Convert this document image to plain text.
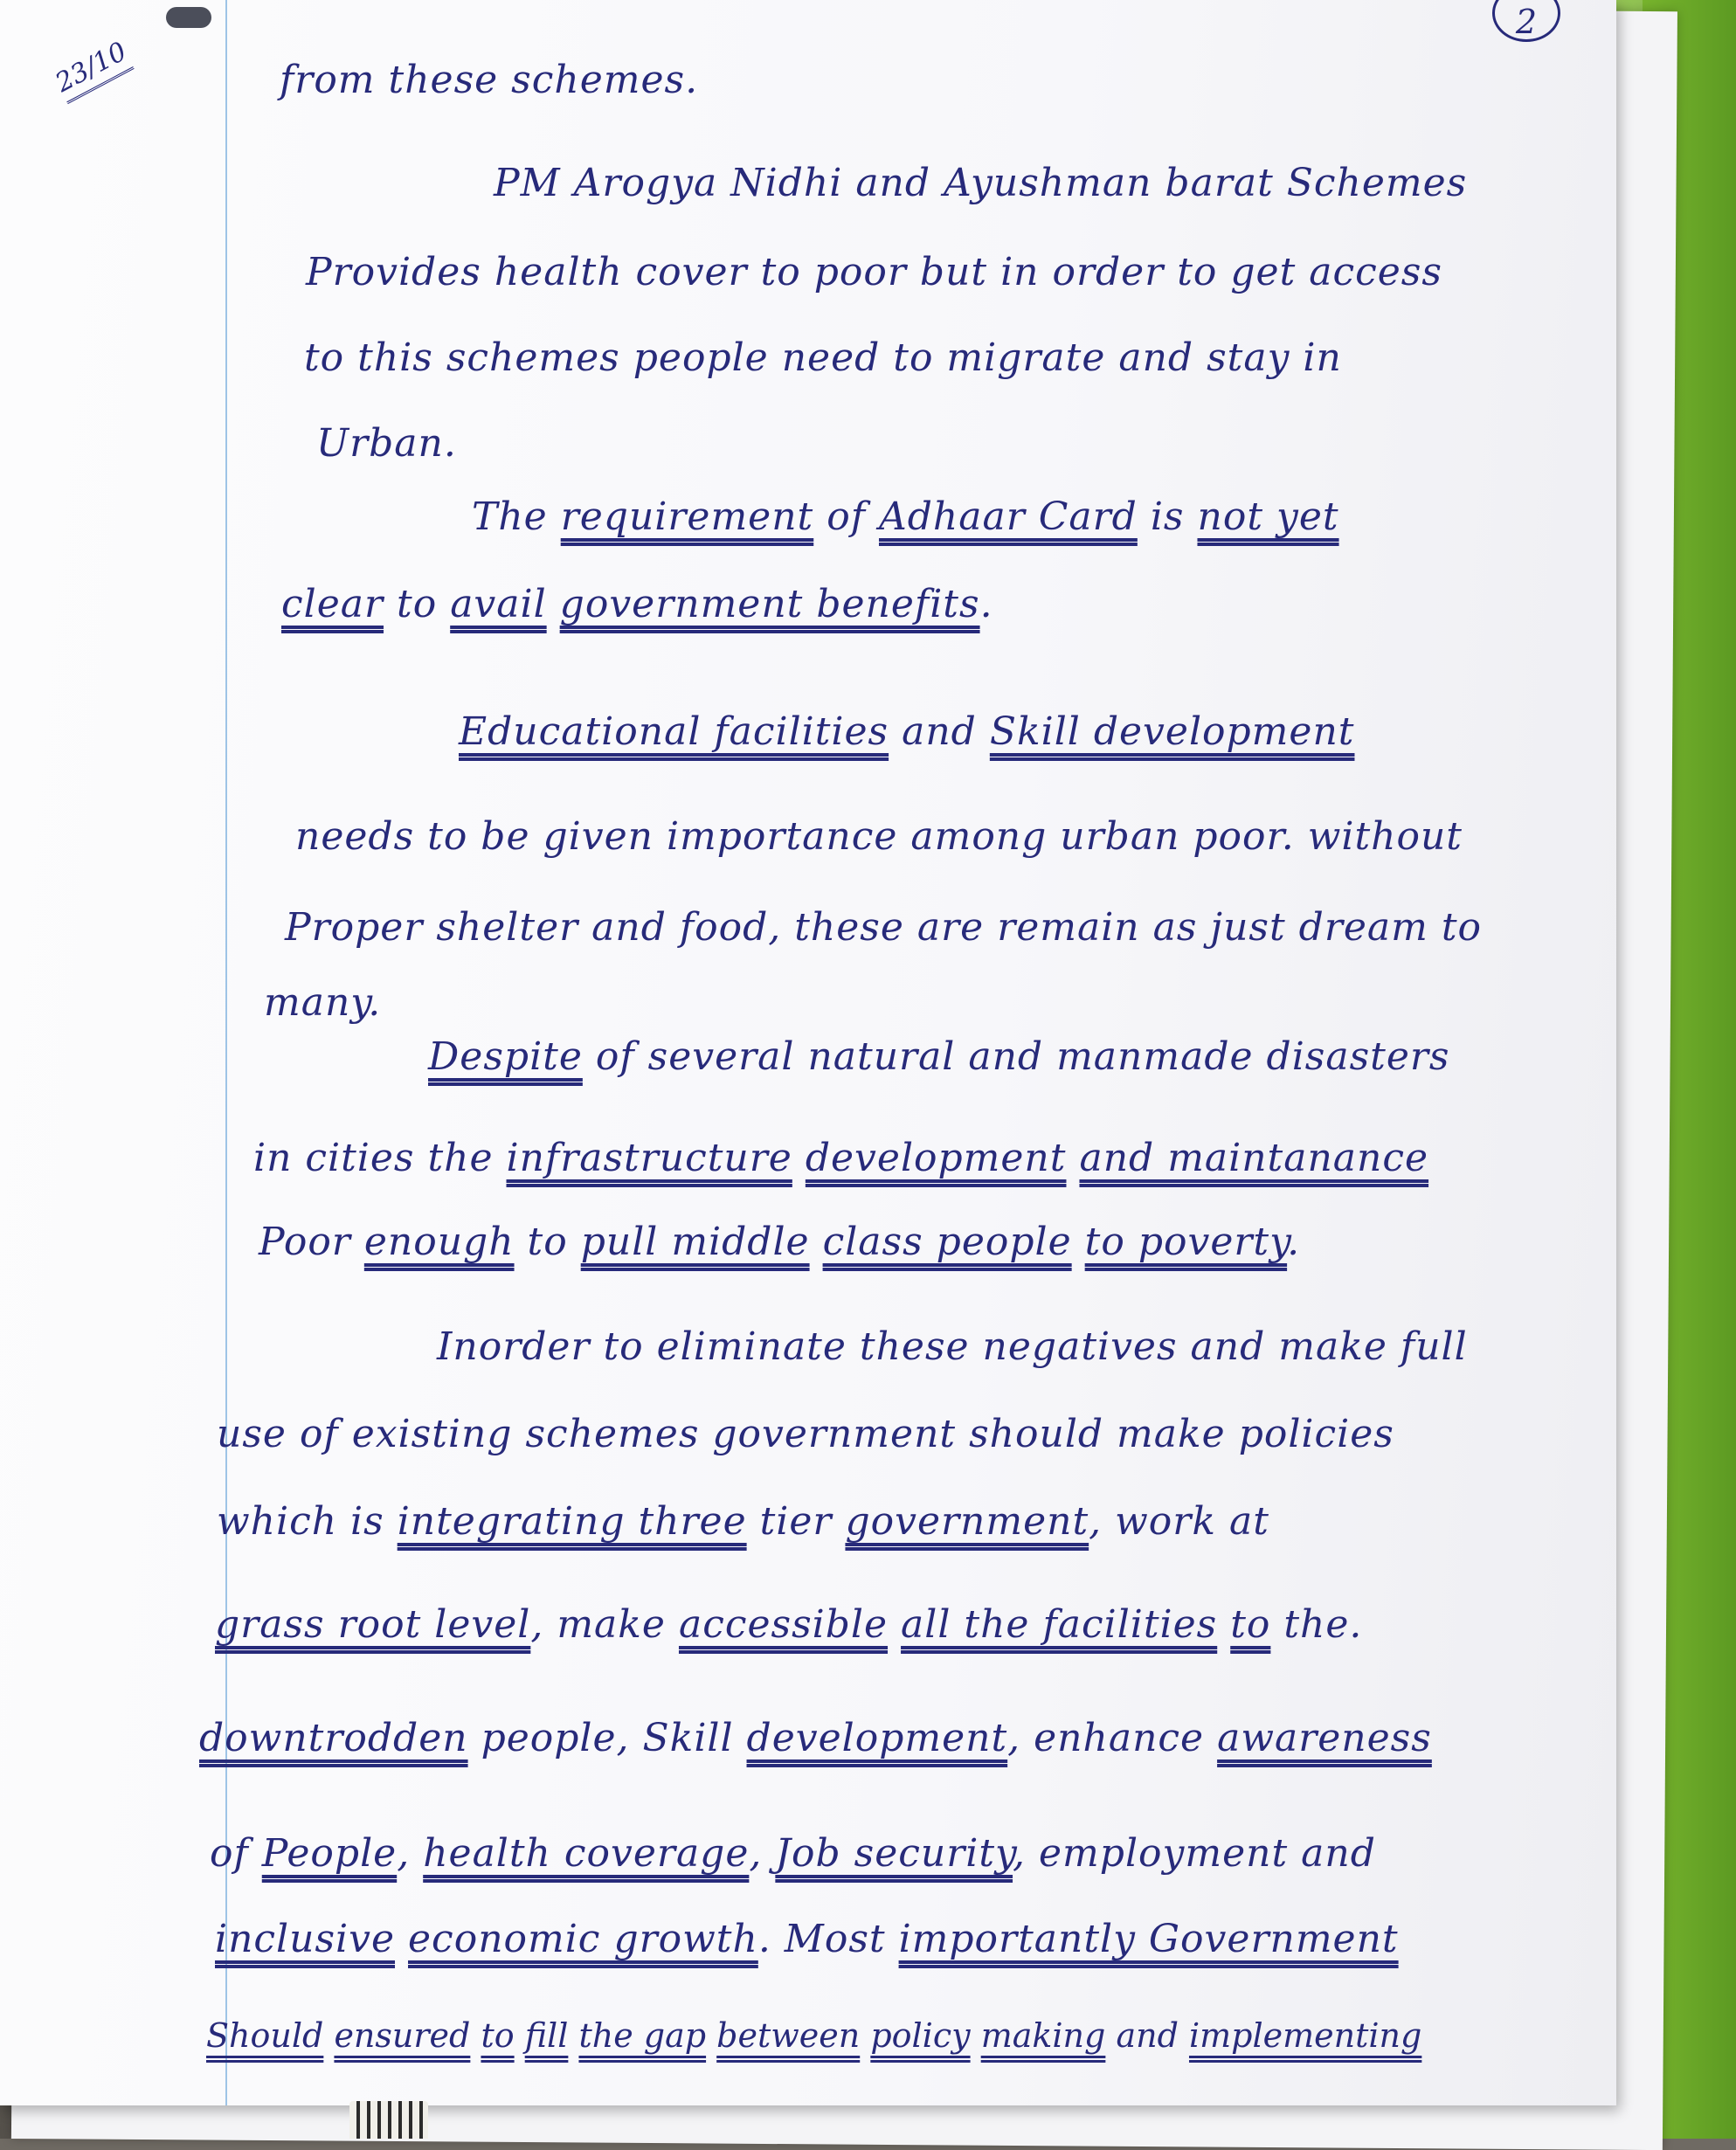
2
23/10	from these schemes.

PM Arogya Nidhi and Ayushman barat Schemes

Provides health cover to poor but in order to get access

to this schemes people need to migrate and stay in

Urban.

The requirement of Adhaar Card is not yet

clear to avail government benefits.

Educational facilities and Skill development

needs to be given importance among urban poor. without

Proper shelter and food, these are remain as just dream to

many.

Despite of several natural and manmade disasters

in cities the infrastructure development and maintanance

Poor enough to pull middle class people to poverty.

Inorder to eliminate these negatives and make full

use of existing schemes government should make policies

which is integrating three tier government, work at

grass root level, make accessible all the facilities to the.

downtrodden people, Skill development, enhance awareness

of People, health coverage, Job security, employment and

inclusive economic growth. Most importantly Government

Should ensured to fill the gap between policy making and implementing
